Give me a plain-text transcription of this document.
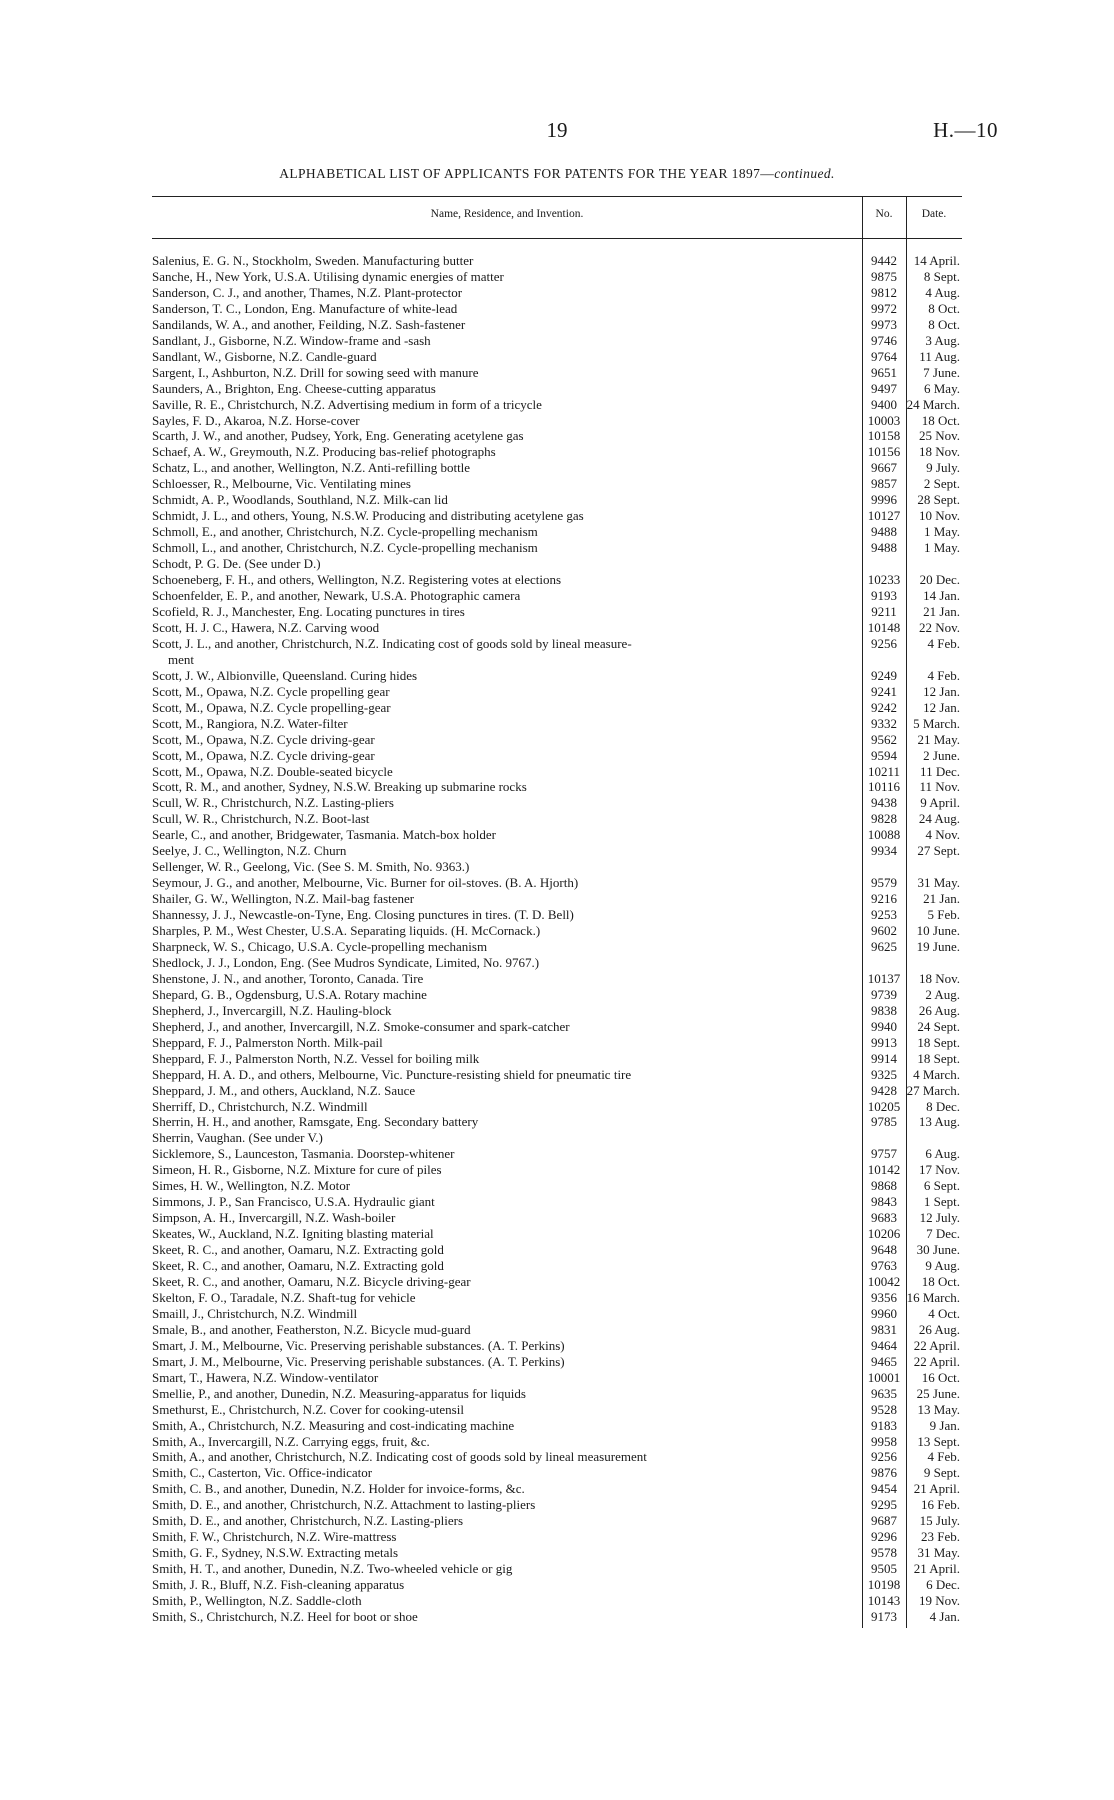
19	H.—10
ALPHABETICAL LIST OF APPLICANTS FOR PATENTS FOR THE YEAR 1897—continued.
Name, Residence, and Invention.	No.	Date.
Salenius, E. G. N., Stockholm, Sweden. Manufacturing butter	9442	14 April.
Sanche, H., New York, U.S.A. Utilising dynamic energies of matter	9875	8 Sept.
Sanderson, C. J., and another, Thames, N.Z. Plant-protector	9812	4 Aug.
Sanderson, T. C., London, Eng. Manufacture of white-lead	9972	8 Oct.
Sandilands, W. A., and another, Feilding, N.Z. Sash-fastener	9973	8 Oct.
Sandlant, J., Gisborne, N.Z. Window-frame and -sash	9746	3 Aug.
Sandlant, W., Gisborne, N.Z. Candle-guard	9764	11 Aug.
Sargent, I., Ashburton, N.Z. Drill for sowing seed with manure	9651	7 June.
Saunders, A., Brighton, Eng. Cheese-cutting apparatus	9497	6 May.
Saville, R. E., Christchurch, N.Z. Advertising medium in form of a tricycle	9400 24 March.
Sayles, F. D., Akaroa, N.Z. Horse-cover	10003	18 Oct.
Scarth, J. W., and another, Pudsey, York, Eng. Generating acetylene gas	10158	25 Nov.
Schaef, A. W., Greymouth, N.Z. Producing bas-relief photographs	10156	18 Nov.
Schatz, L., and another, Wellington, N.Z. Anti-refilling bottle	9667	9 July.
Schloesser, R., Melbourne, Vic. Ventilating mines	9857	2 Sept.
Schmidt, A. P., Woodlands, Southland, N.Z. Milk-can lid	9996	28 Sept.
Schmidt, J. L., and others, Young, N.S.W. Producing and distributing acetylene gas	10127	10 Nov.
Schmoll, E., and another, Christchurch, N.Z. Cycle-propelling mechanism	9488	1 May.
Schmoll, L., and another, Christchurch, N.Z. Cycle-propelling mechanism	9488	1 May.
Schodt, P. G. De. (See under D.)
Schoeneberg, F. H., and others, Wellington, N.Z. Registering votes at elections	10233	20 Dec.
Schoenfelder, E. P., and another, Newark, U.S.A. Photographic camera	9193	14 Jan.
Scofield, R. J., Manchester, Eng. Locating punctures in tires	9211	21 Jan.
Scott, H. J. C., Hawera, N.Z. Carving wood	10148	22 Nov.
Scott, J. L., and another, Christchurch, N.Z. Indicating cost of goods sold by lineal measure-	9256	4 Feb.
ment
Scott, J. W., Albionville, Queensland. Curing hides	9249	4 Feb.
Scott, M., Opawa, N.Z. Cycle propelling gear	9241	12 Jan.
Scott, M., Opawa, N.Z. Cycle propelling-gear	9242	12 Jan.
Scott, M., Rangiora, N.Z. Water-filter	9332	5 March.
Scott, M., Opawa, N.Z. Cycle driving-gear	9562	21 May.
Scott, M., Opawa, N.Z. Cycle driving-gear	9594	2 June.
Scott, M., Opawa, N.Z. Double-seated bicycle	10211	11 Dec.
Scott, R. M., and another, Sydney, N.S.W. Breaking up submarine rocks	10116	11 Nov.
Scull, W. R., Christchurch, N.Z. Lasting-pliers	9438	9 April.
Scull, W. R., Christchurch, N.Z. Boot-last	9828	24 Aug.
Searle, C., and another, Bridgewater, Tasmania. Match-box holder	10088	4 Nov.
Seelye, J. C., Wellington, N.Z. Churn	9934	27 Sept.
Sellenger, W. R., Geelong, Vic. (See S. M. Smith, No. 9363.)
Seymour, J. G., and another, Melbourne, Vic. Burner for oil-stoves. (B. A. Hjorth)	9579	31 May.
Shailer, G. W., Wellington, N.Z. Mail-bag fastener	9216	21 Jan.
Shannessy, J. J., Newcastle-on-Tyne, Eng. Closing punctures in tires. (T. D. Bell)	9253	5 Feb.
Sharples, P. M., West Chester, U.S.A. Separating liquids. (H. McCornack.)	9602	10 June.
Sharpneck, W. S., Chicago, U.S.A. Cycle-propelling mechanism	9625	19 June.
Shedlock, J. J., London, Eng. (See Mudros Syndicate, Limited, No. 9767.)
Shenstone, J. N., and another, Toronto, Canada. Tire	10137	18 Nov.
Shepard, G. B., Ogdensburg, U.S.A. Rotary machine	9739	2 Aug.
Shepherd, J., Invercargill, N.Z. Hauling-block	9838	26 Aug.
Shepherd, J., and another, Invercargill, N.Z. Smoke-consumer and spark-catcher	9940	24 Sept.
Sheppard, F. J., Palmerston North. Milk-pail	9913	18 Sept.
Sheppard, F. J., Palmerston North, N.Z. Vessel for boiling milk	9914	18 Sept.
Sheppard, H. A. D., and others, Melbourne, Vic. Puncture-resisting shield for pneumatic tire	9325	4 March.
Sheppard, J. M., and others, Auckland, N.Z. Sauce	9428 27 March.
Sherriff, D., Christchurch, N.Z. Windmill	10205	8 Dec.
Sherrin, H. H., and another, Ramsgate, Eng. Secondary battery	9785	13 Aug.
Sherrin, Vaughan. (See under V.)
Sicklemore, S., Launceston, Tasmania. Doorstep-whitener	9757	6 Aug.
Simeon, H. R., Gisborne, N.Z. Mixture for cure of piles	10142	17 Nov.
Simes, H. W., Wellington, N.Z. Motor	9868	6 Sept.
Simmons, J. P., San Francisco, U.S.A. Hydraulic giant	9843	1 Sept.
Simpson, A. H., Invercargill, N.Z. Wash-boiler	9683	12 July.
Skeates, W., Auckland, N.Z. Igniting blasting material	10206	7 Dec.
Skeet, R. C., and another, Oamaru, N.Z. Extracting gold	9648	30 June.
Skeet, R. C., and another, Oamaru, N.Z. Extracting gold	9763	9 Aug.
Skeet, R. C., and another, Oamaru, N.Z. Bicycle driving-gear	10042	18 Oct.
Skelton, F. O., Taradale, N.Z. Shaft-tug for vehicle	9356 16 March.
Smaill, J., Christchurch, N.Z. Windmill	9960	4 Oct.
Smale, B., and another, Featherston, N.Z. Bicycle mud-guard	9831	26 Aug.
Smart, J. M., Melbourne, Vic. Preserving perishable substances. (A. T. Perkins)	9464	22 April.
Smart, J. M., Melbourne, Vic. Preserving perishable substances. (A. T. Perkins)	9465	22 April.
Smart, T., Hawera, N.Z. Window-ventilator	10001	16 Oct.
Smellie, P., and another, Dunedin, N.Z. Measuring-apparatus for liquids	9635	25 June.
Smethurst, E., Christchurch, N.Z. Cover for cooking-utensil	9528	13 May.
Smith, A., Christchurch, N.Z. Measuring and cost-indicating machine	9183	9 Jan.
Smith, A., Invercargill, N.Z. Carrying eggs, fruit, &c.	9958	13 Sept.
Smith, A., and another, Christchurch, N.Z. Indicating cost of goods sold by lineal measurement	9256	4 Feb.
Smith, C., Casterton, Vic. Office-indicator	9876	9 Sept.
Smith, C. B., and another, Dunedin, N.Z. Holder for invoice-forms, &c.	9454	21 April.
Smith, D. E., and another, Christchurch, N.Z. Attachment to lasting-pliers	9295	16 Feb.
Smith, D. E., and another, Christchurch, N.Z. Lasting-pliers	9687	15 July.
Smith, F. W., Christchurch, N.Z. Wire-mattress	9296	23 Feb.
Smith, G. F., Sydney, N.S.W. Extracting metals	9578	31 May.
Smith, H. T., and another, Dunedin, N.Z. Two-wheeled vehicle or gig	9505	21 April.
Smith, J. R., Bluff, N.Z. Fish-cleaning apparatus	10198	6 Dec.
Smith, P., Wellington, N.Z. Saddle-cloth	10143	19 Nov.
Smith, S., Christchurch, N.Z. Heel for boot or shoe	9173	4 Jan.
